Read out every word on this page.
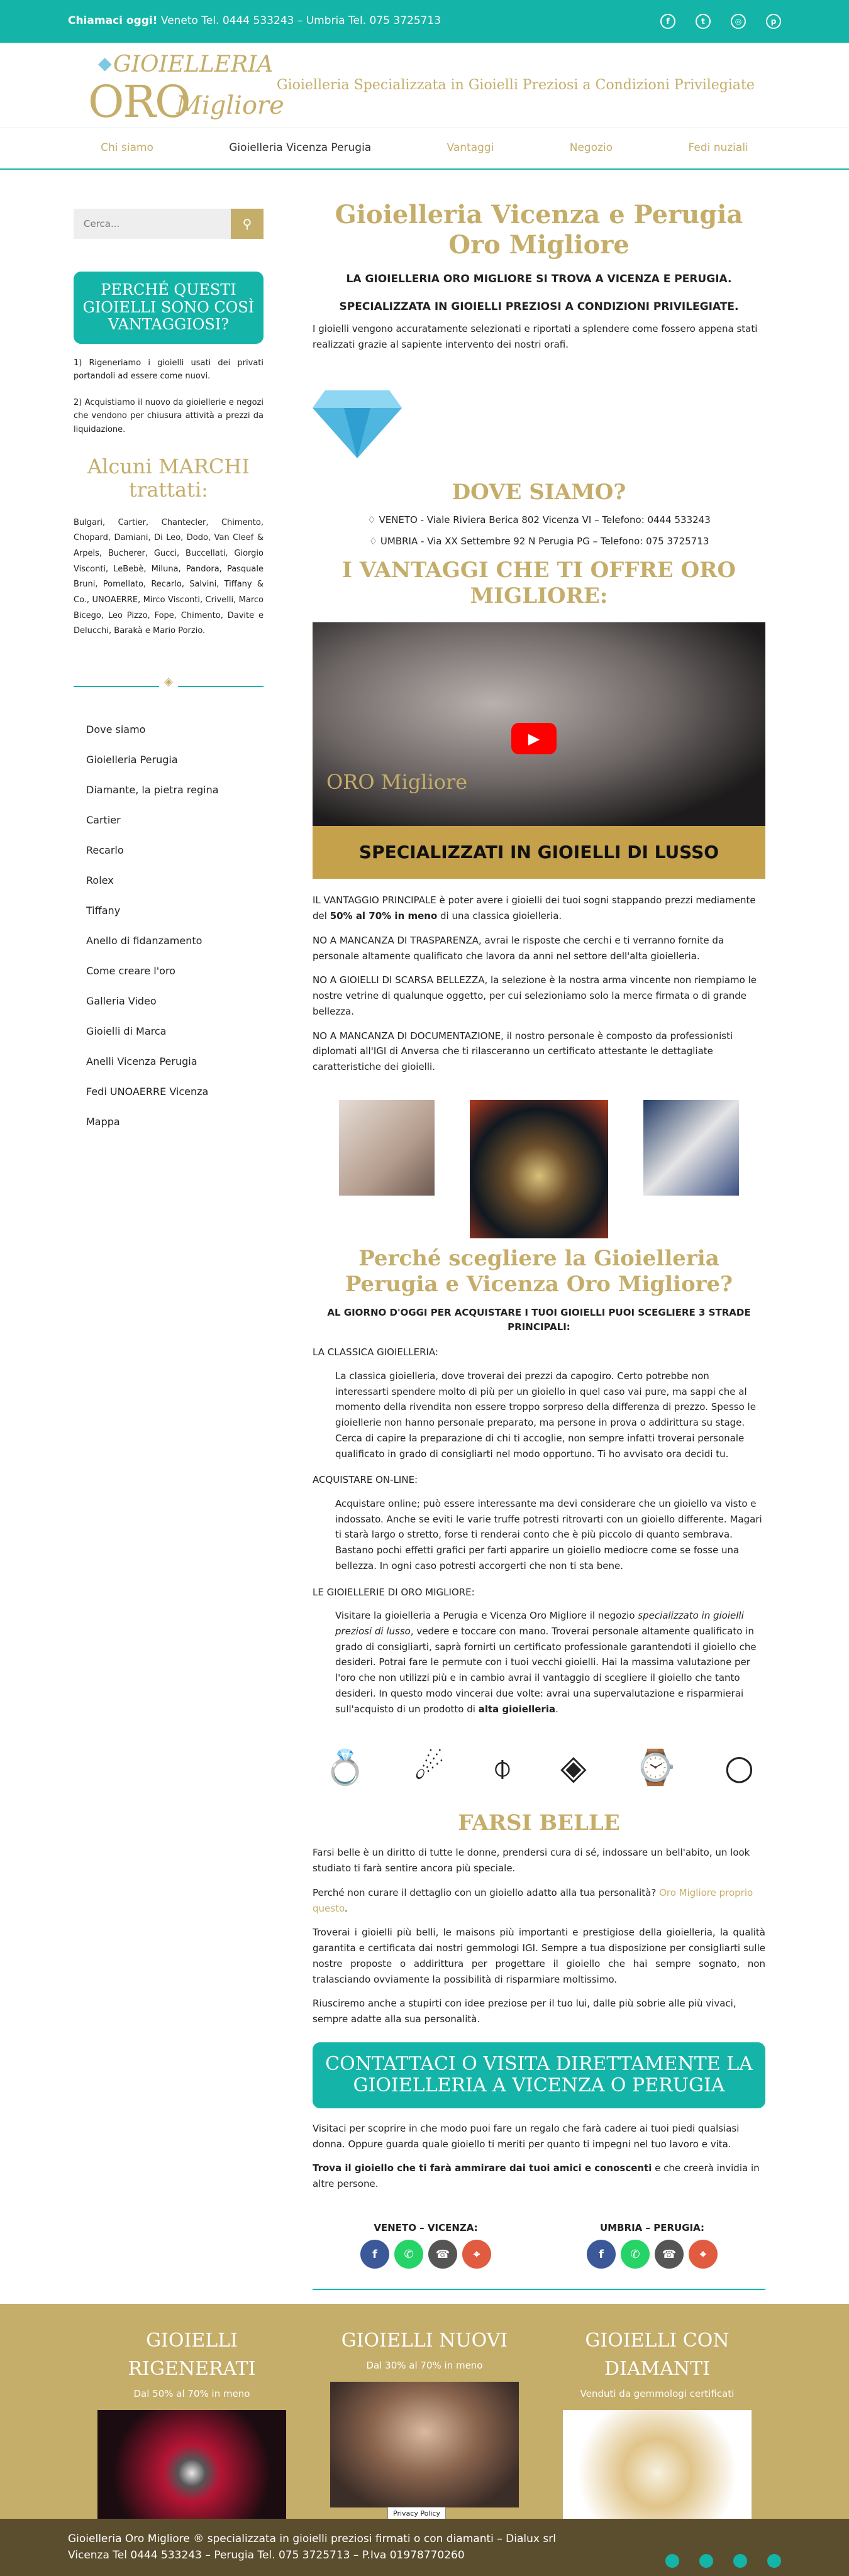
Chiamaci oggi! Veneto Tel. 0444 533243 – Umbria Tel. 075 3725713	f	t	◎	p
◆ GIOIELLERIA
ORO
Migliore
Gioielleria Specializzata in Gioielli Preziosi a Condizioni Privilegiate
Chi siamo	Gioielleria Vicenza Perugia	Vantaggi	Negozio	Fedi nuziali
Cerca...
⚲
PERCHÉ QUESTI GIOIELLI SONO COSÌ VANTAGGIOSI?

1) Rigeneriamo i gioielli usati dei privati portandoli ad essere come nuovi.

2) Acquistiamo il nuovo da gioiellerie e negozi che vendono per chiusura attività a prezzi da liquidazione.

Alcuni MARCHI trattati:
Bulgari, Cartier, Chantecler, Chimento, Chopard, Damiani, Di Leo, Dodo, Van Cleef & Arpels, Bucherer, Gucci, Buccellati, Giorgio Visconti, LeBebè, Miluna, Pandora, Pasquale Bruni, Pomellato, Recarlo, Salvini, Tiffany & Co., UNOAERRE, Mirco Visconti, Crivelli, Marco Bicego, Leo Pizzo, Fope, Chimento, Davite e Delucchi, Barakà e Mario Porzio.
◈
Dove siamo
Gioielleria Perugia
Diamante, la pietra regina
Cartier
Recarlo
Rolex
Tiffany
Anello di fidanzamento
Come creare l'oro
Galleria Video
Gioielli di Marca
Anelli Vicenza Perugia
Fedi UNOAERRE Vicenza
Mappa
Gioielleria Vicenza e Perugia Oro Migliore
LA GIOIELLERIA ORO MIGLIORE SI TROVA A VICENZA E PERUGIA.
SPECIALIZZATA IN GIOIELLI PREZIOSI A CONDIZIONI PRIVILEGIATE.

I gioielli vengono accuratamente selezionati e riportati a splendere come fossero appena stati realizzati grazie al sapiente intervento dei nostri orafi.

DOVE SIAMO?
♢ VENETO - Viale Riviera Berica 802 Vicenza VI – Telefono: 0444 533243
♢ UMBRIA - Via XX Settembre 92 N Perugia PG – Telefono: 075 3725713
I VANTAGGI CHE TI OFFRE ORO MIGLIORE:
▶
ORO Migliore
SPECIALIZZATI IN GIOIELLI DI LUSSO

IL VANTAGGIO PRINCIPALE è poter avere i gioielli dei tuoi sogni stappando prezzi mediamente del 50% al 70% in meno di una classica gioielleria.

NO A MANCANZA DI TRASPARENZA, avrai le risposte che cerchi e ti verranno fornite da personale altamente qualificato che lavora da anni nel settore dell'alta gioielleria.

NO A GIOIELLI DI SCARSA BELLEZZA, la selezione è la nostra arma vincente non riempiamo le nostre vetrine di qualunque oggetto, per cui selezioniamo solo la merce firmata o di grande bellezza.

NO A MANCANZA DI DOCUMENTAZIONE, il nostro personale è composto da professionisti diplomati all'IGI di Anversa che ti rilasceranno un certificato attestante le dettagliate caratteristiche dei gioielli.

Perché scegliere la Gioielleria Perugia e Vicenza Oro Migliore?
AL GIORNO D'OGGI PER ACQUISTARE I TUOI GIOIELLI PUOI SCEGLIERE 3 STRADE PRINCIPALI:
LA CLASSICA GIOIELLERIA:

La classica gioielleria, dove troverai dei prezzi da capogiro. Certo potrebbe non interessarti spendere molto di più per un gioiello in quel caso vai pure, ma sappi che al momento della rivendita non essere troppo sorpreso della differenza di prezzo. Spesso le gioiellerie non hanno personale preparato, ma persone in prova o addirittura su stage. Cerca di capire la preparazione di chi ti accoglie, non sempre infatti troverai personale qualificato in grado di consigliarti nel modo opportuno. Ti ho avvisato ora decidi tu.

ACQUISTARE ON-LINE:

Acquistare online; può essere interessante ma devi considerare che un gioiello va visto e indossato. Anche se eviti le varie truffe potresti ritrovarti con un gioiello differente. Magari ti starà largo o stretto, forse ti renderai conto che è più piccolo di quanto sembrava. Bastano pochi effetti grafici per farti apparire un gioiello mediocre come se fosse una bellezza. In ogni caso potresti accorgerti che non ti sta bene.

LE GIOIELLERIE DI ORO MIGLIORE:

Visitare la gioielleria a Perugia e Vicenza Oro Migliore il negozio specializzato in gioielli preziosi di lusso, vedere e toccare con mano. Troverai personale altamente qualificato in grado di consigliarti, saprà fornirti un certificato professionale garantendoti il gioiello che desideri. Potrai fare le permute con i tuoi vecchi gioielli. Hai la massima valutazione per l'oro che non utilizzi più e in cambio avrai il vantaggio di scegliere il gioiello che tanto desideri. In questo modo vincerai due volte: avrai una supervalutazione e risparmierai sull'acquisto di un prodotto di alta gioielleria.

💍 ☄ ⌽ ◈ ⌚ ○
FARSI BELLE

Farsi belle è un diritto di tutte le donne, prendersi cura di sé, indossare un bell'abito, un look studiato ti farà sentire ancora più speciale.

Perché non curare il dettaglio con un gioiello adatto alla tua personalità? Oro Migliore proprio questo.

Troverai i gioielli più belli, le maisons più importanti e prestigiose della gioielleria, la qualità garantita e certificata dai nostri gemmologi IGI. Sempre a tua disposizione per consigliarti sulle nostre proposte o addirittura per progettare il gioiello che hai sempre sognato, non tralasciando ovviamente la possibilità di risparmiare moltissimo.

Riusciremo anche a stupirti con idee preziose per il tuo lui, dalle più sobrie alle più vivaci, sempre adatte alla sua personalità.

CONTATTACI O VISITA DIRETTAMENTE LA GIOIELLERIA A VICENZA O PERUGIA

Visitaci per scoprire in che modo puoi fare un regalo che farà cadere ai tuoi piedi qualsiasi donna. Oppure guarda quale gioiello ti meriti per quanto ti impegni nel tuo lavoro e vita.

Trova il gioiello che ti farà ammirare dai tuoi amici e conoscenti e che creerà invidia in altre persone.

VENETO – VICENZA:
f	✆	☎	⌖
UMBRIA – PERUGIA:
f	✆	☎	⌖
GIOIELLI RIGENERATI
Dal 50% al 70% in meno
GIOIELLI NUOVI
Dal 30% al 70% in meno
GIOIELLI CON DIAMANTI
Venduti da gemmologi certificati
Privacy Policy
Gioielleria Oro Migliore ® specializzata in gioielli preziosi firmati o con diamanti – Dialux srl
Vicenza Tel 0444 533243 – Perugia Tel. 075 3725713 – P.Iva 01978770260
